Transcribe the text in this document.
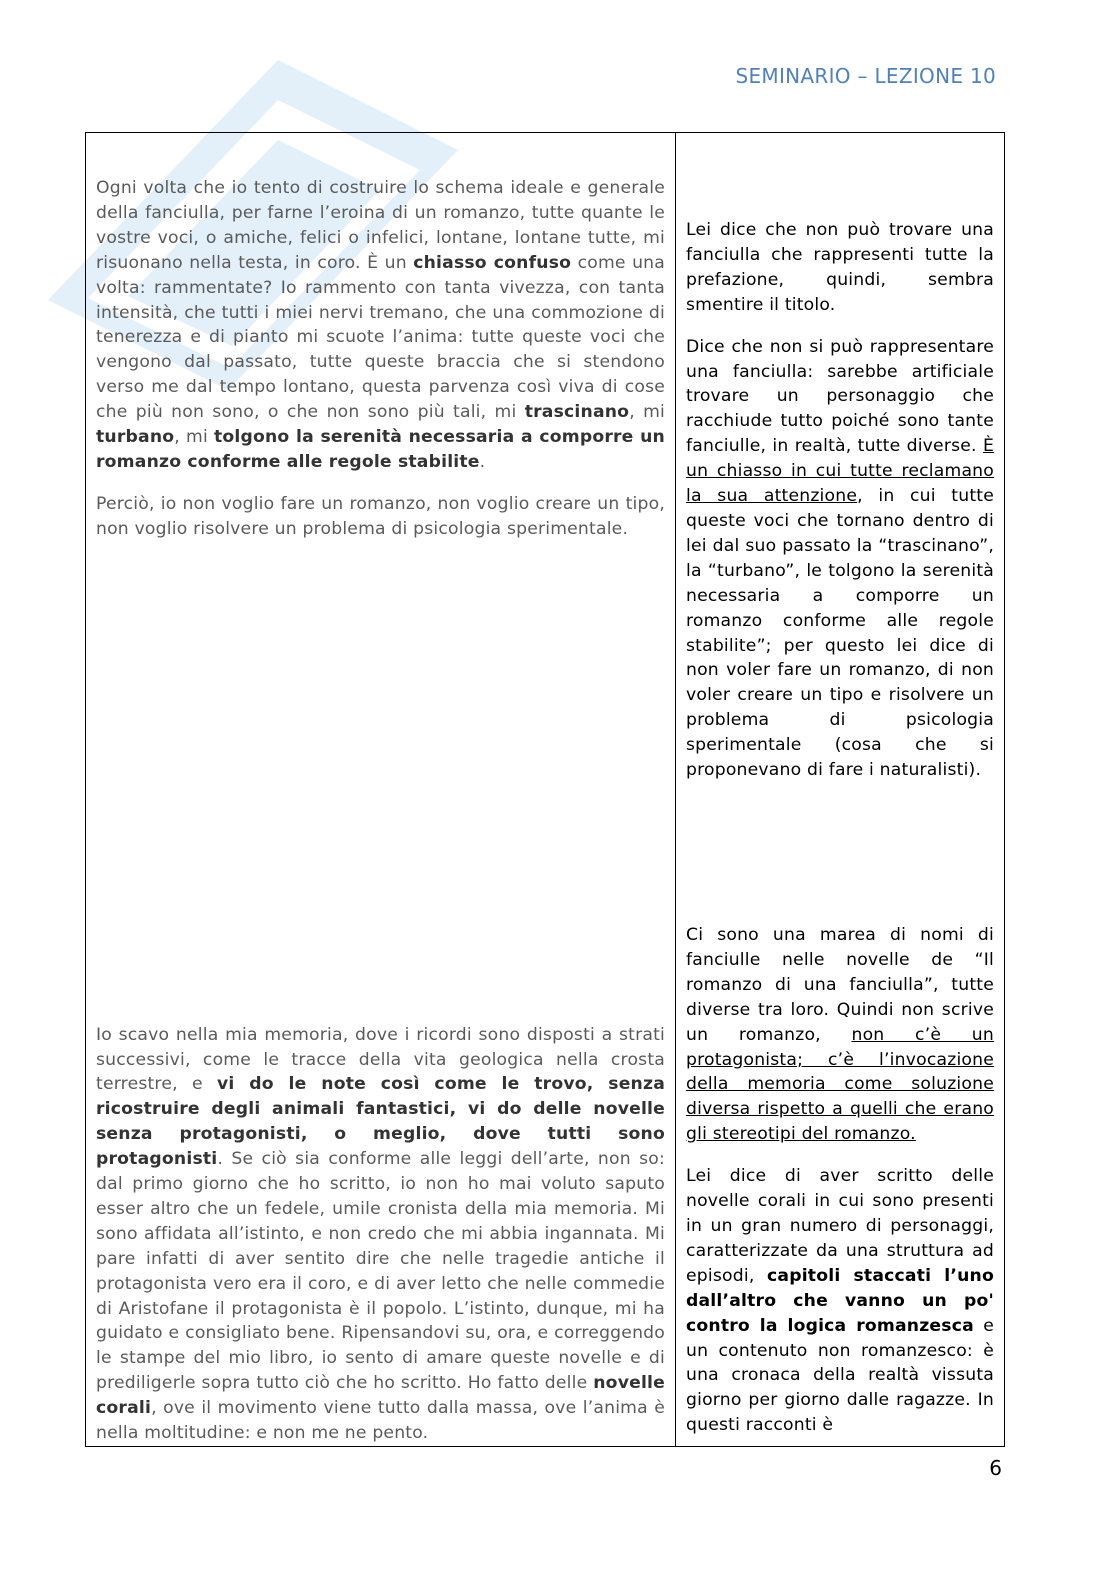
SEMINARIO – LEZIONE 10

Ogni volta che io tento di costruire lo schema ideale e generale della fanciulla, per farne l’eroina di un romanzo, tutte quante le vostre voci, o amiche, felici o infelici, lontane, lontane tutte, mi risuonano nella testa, in coro. È un chiasso confuso come una volta: rammentate? Io rammento con tanta vivezza, con tanta intensità, che tutti i miei nervi tremano, che una commozione di tenerezza e di pianto mi scuote l’anima: tutte queste voci che vengono dal passato, tutte queste braccia che si stendono verso me dal tempo lontano, questa parvenza così viva di cose che più non sono, o che non sono più tali, mi trascinano, mi turbano, mi tolgono la serenità necessaria a comporre un romanzo conforme alle regole stabilite.

Perciò, io non voglio fare un romanzo, non voglio creare un tipo, non voglio risolvere un problema di psicologia sperimentale.

Lei dice che non può trovare una fanciulla che rappresenti tutte la prefazione, quindi, sembra smentire il titolo.

Dice che non si può rappresentare una fanciulla: sarebbe artificiale trovare un personaggio che racchiude tutto poiché sono tante fanciulle, in realtà, tutte diverse. È un chiasso in cui tutte reclamano la sua attenzione, in cui tutte queste voci che tornano dentro di lei dal suo passato la “trascinano”, la “turbano”, le tolgono la serenità necessaria a comporre un romanzo conforme alle regole stabilite”; per questo lei dice di non voler fare un romanzo, di non voler creare un tipo e risolvere un problema di psicologia sperimentale (cosa che si proponevano di fare i naturalisti).

Io scavo nella mia memoria, dove i ricordi sono disposti a strati successivi, come le tracce della vita geologica nella crosta terrestre, e vi do le note così come le trovo, senza ricostruire degli animali fantastici, vi do delle novelle senza protagonisti, o meglio, dove tutti sono protagonisti. Se ciò sia conforme alle leggi dell’arte, non so: dal primo giorno che ho scritto, io non ho mai voluto saputo esser altro che un fedele, umile cronista della mia memoria. Mi sono affidata all’istinto, e non credo che mi abbia ingannata. Mi pare infatti di aver sentito dire che nelle tragedie antiche il protagonista vero era il coro, e di aver letto che nelle commedie di Aristofane il protagonista è il popolo. L’istinto, dunque, mi ha guidato e consigliato bene. Ripensandovi su, ora, e correggendo le stampe del mio libro, io sento di amare queste novelle e di prediligerle sopra tutto ciò che ho scritto. Ho fatto delle novelle corali, ove il movimento viene tutto dalla massa, ove l’anima è nella moltitudine: e non me ne pento.

Ci sono una marea di nomi di fanciulle nelle novelle de “Il romanzo di una fanciulla”, tutte diverse tra loro. Quindi non scrive un romanzo, non c’è un protagonista; c’è l’invocazione della memoria come soluzione diversa rispetto a quelli che erano gli stereotipi del romanzo.

Lei dice di aver scritto delle novelle corali in cui sono presenti in un gran numero di personaggi, caratterizzate da una struttura ad episodi, capitoli staccati l’uno dall’altro che vanno un po' contro la logica romanzesca e un contenuto non romanzesco: è una cronaca della realtà vissuta giorno per giorno dalle ragazze. In questi racconti è

6
